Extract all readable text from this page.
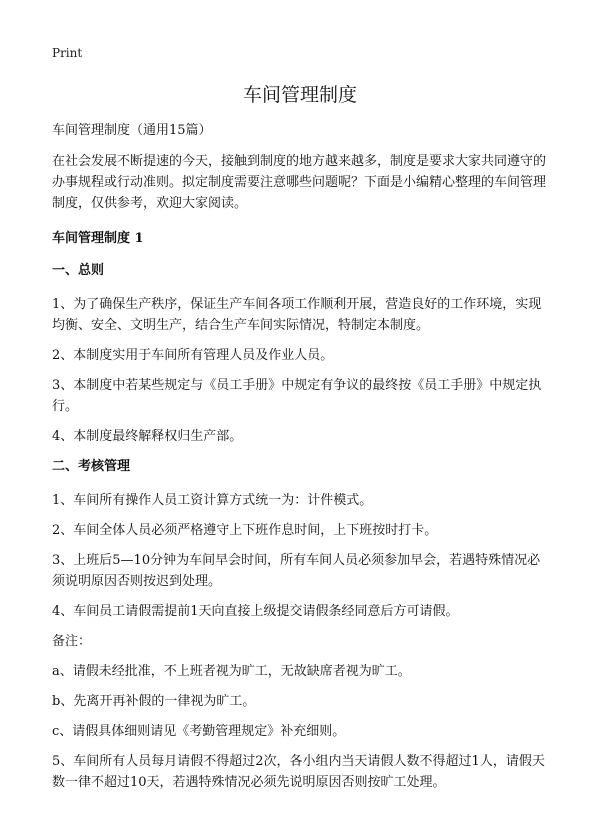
Print
车间管理制度

车间管理制度（通用15篇）

在社会发展不断提速的今天，接触到制度的地方越来越多，制度是要求大家共同遵守的办事规程或行动准则。拟定制度需要注意哪些问题呢？下面是小编精心整理的车间管理制度，仅供参考，欢迎大家阅读。

车间管理制度 1

一、总则

1、为了确保生产秩序，保证生产车间各项工作顺利开展，营造良好的工作环境，实现均衡、安全、文明生产，结合生产车间实际情况，特制定本制度。

2、本制度实用于车间所有管理人员及作业人员。

3、本制度中若某些规定与《员工手册》中规定有争议的最终按《员工手册》中规定执行。

4、本制度最终解释权归生产部。

二、考核管理

1、车间所有操作人员工资计算方式统一为：计件模式。

2、车间全体人员必须严格遵守上下班作息时间，上下班按时打卡。

3、上班后5—10分钟为车间早会时间，所有车间人员必须参加早会，若遇特殊情况必须说明原因否则按迟到处理。

4、车间员工请假需提前1天向直接上级提交请假条经同意后方可请假。

备注：

a、请假未经批准，不上班者视为旷工，无故缺席者视为旷工。

b、先离开再补假的一律视为旷工。

c、请假具体细则请见《考勤管理规定》补充细则。

5、车间所有人员每月请假不得超过2次，各小组内当天请假人数不得超过1人，请假天数一律不超过10天，若遇特殊情况必须先说明原因否则按旷工处理。
